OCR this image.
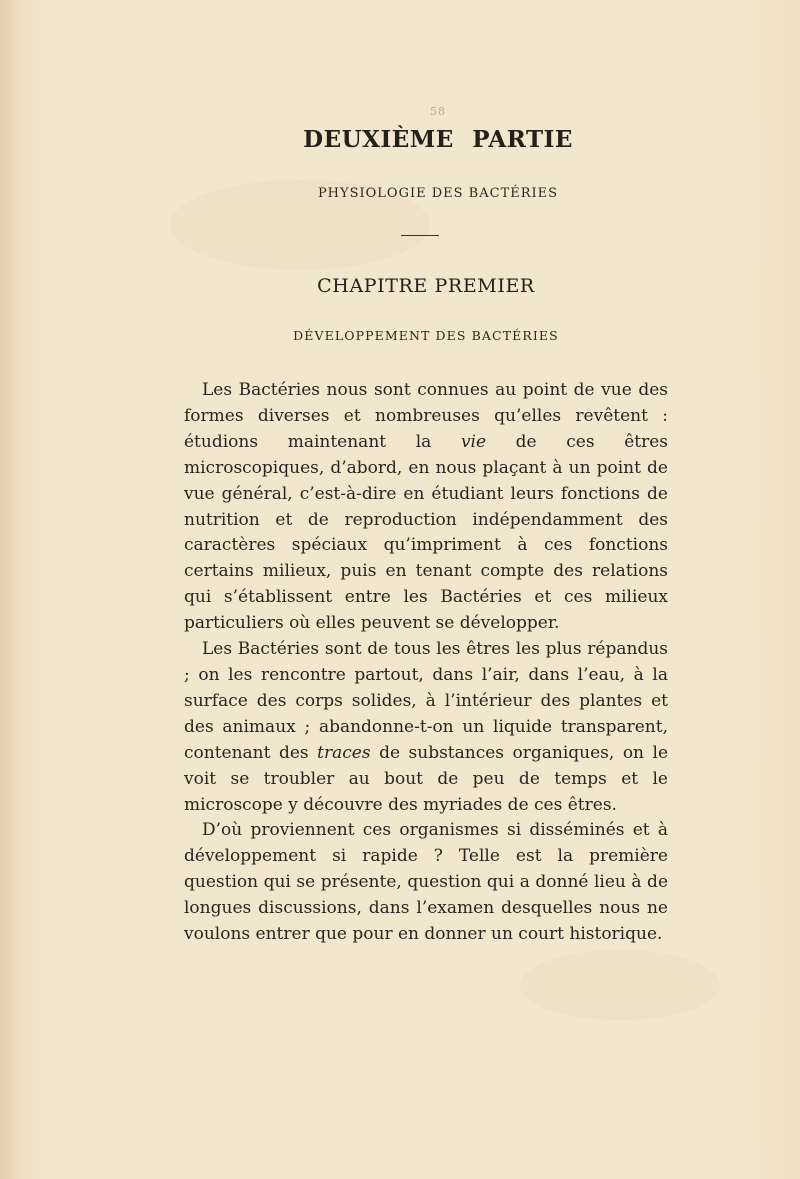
58
DEUXIÈME PARTIE
PHYSIOLOGIE DES BACTÉRIES
CHAPITRE PREMIER
DÉVELOPPEMENT DES BACTÉRIES

Les Bactéries nous sont connues au point de vue des formes diverses et nombreuses qu’elles revêtent : étudions maintenant la vie de ces êtres microscopiques, d’abord, en nous plaçant à un point de vue général, c’est-à-dire en étudiant leurs fonctions de nutrition et de reproduction indépendamment des caractères spéciaux qu’impriment à ces fonctions certains milieux, puis en tenant compte des relations qui s’établissent entre les Bactéries et ces milieux particuliers où elles peuvent se développer.

Les Bactéries sont de tous les êtres les plus répandus ; on les rencontre partout, dans l’air, dans l’eau, à la surface des corps solides, à l’intérieur des plantes et des animaux ; abandonne-t-on un liquide transparent, contenant des traces de substances organiques, on le voit se troubler au bout de peu de temps et le microscope y découvre des myriades de ces êtres.

D’où proviennent ces organismes si disséminés et à développement si rapide ? Telle est la première question qui se présente, question qui a donné lieu à de longues discussions, dans l’examen desquelles nous ne voulons entrer que pour en donner un court historique.
